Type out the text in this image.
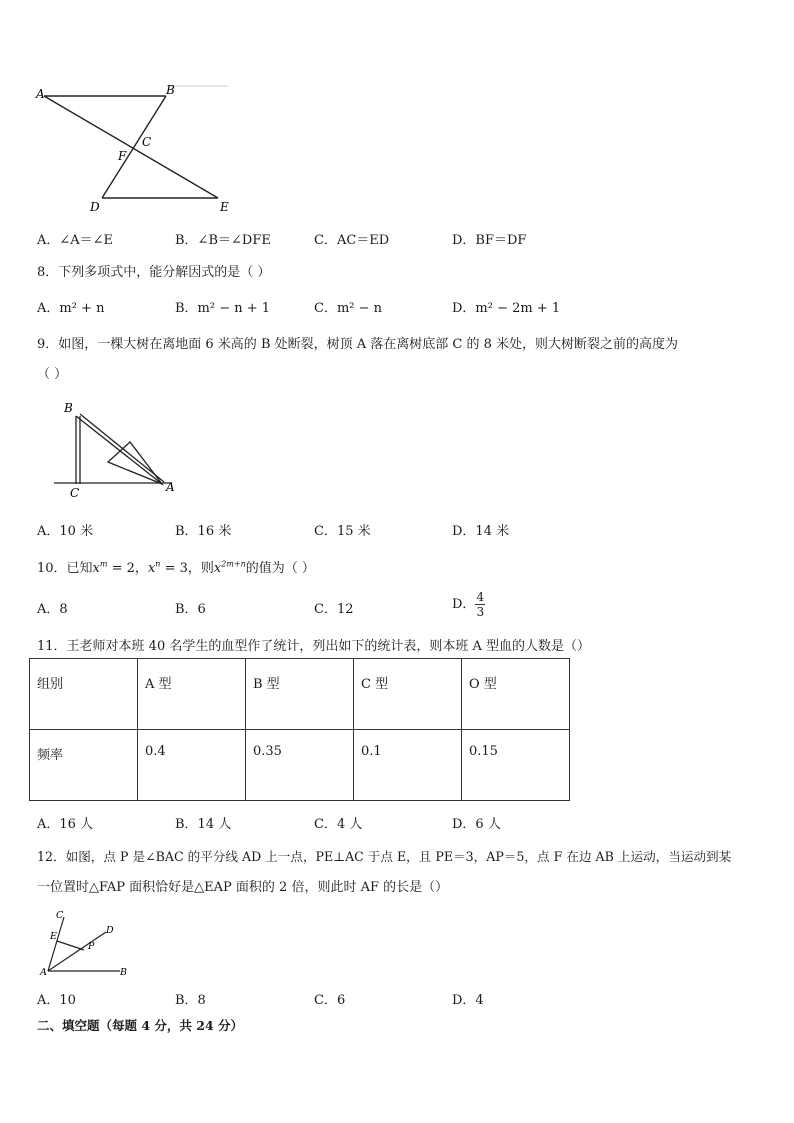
A	B
C
F
D	E
A．∠A＝∠E	B．∠B＝∠DFE	C．AC＝ED	D．BF＝DF
8．下列多项式中，能分解因式的是（ ）
A．m² + n	B．m² − n + 1	C．m² − n	D．m² − 2m + 1
9．如图，一棵大树在离地面 6 米高的 B 处断裂，树顶 A 落在离树底部 C 的 8 米处，则大树断裂之前的高度为
（ ）
B
C	A
A．10 米	B．16 米	C．15 米	D．14 米
10．已知$x^m = 2$，$x^n = 3$，则$x^{2m+n}$的值为（ ）
A．8	B．6	C．12	D． $\frac{4}{3}$
11．王老师对本班 40 名学生的血型作了统计，列出如下的统计表，则本班 A 型血的人数是（）
组别	A 型	B 型	C 型	O 型
频率	0.4	0.35	0.1	0.15
A．16 人	B．14 人	C．4 人	D．6 人
12．如图，点 P 是∠BAC 的平分线 AD 上一点，PE⊥AC 于点 E，且 PE＝3，AP＝5，点 F 在边 AB 上运动，当运动到某
一位置时△FAP 面积恰好是△EAP 面积的 2 倍，则此时 AF 的长是（）
C
E
D
P
A	B
A．10	B．8	C．6	D．4
二、填空题（每题 4 分，共 24 分）
